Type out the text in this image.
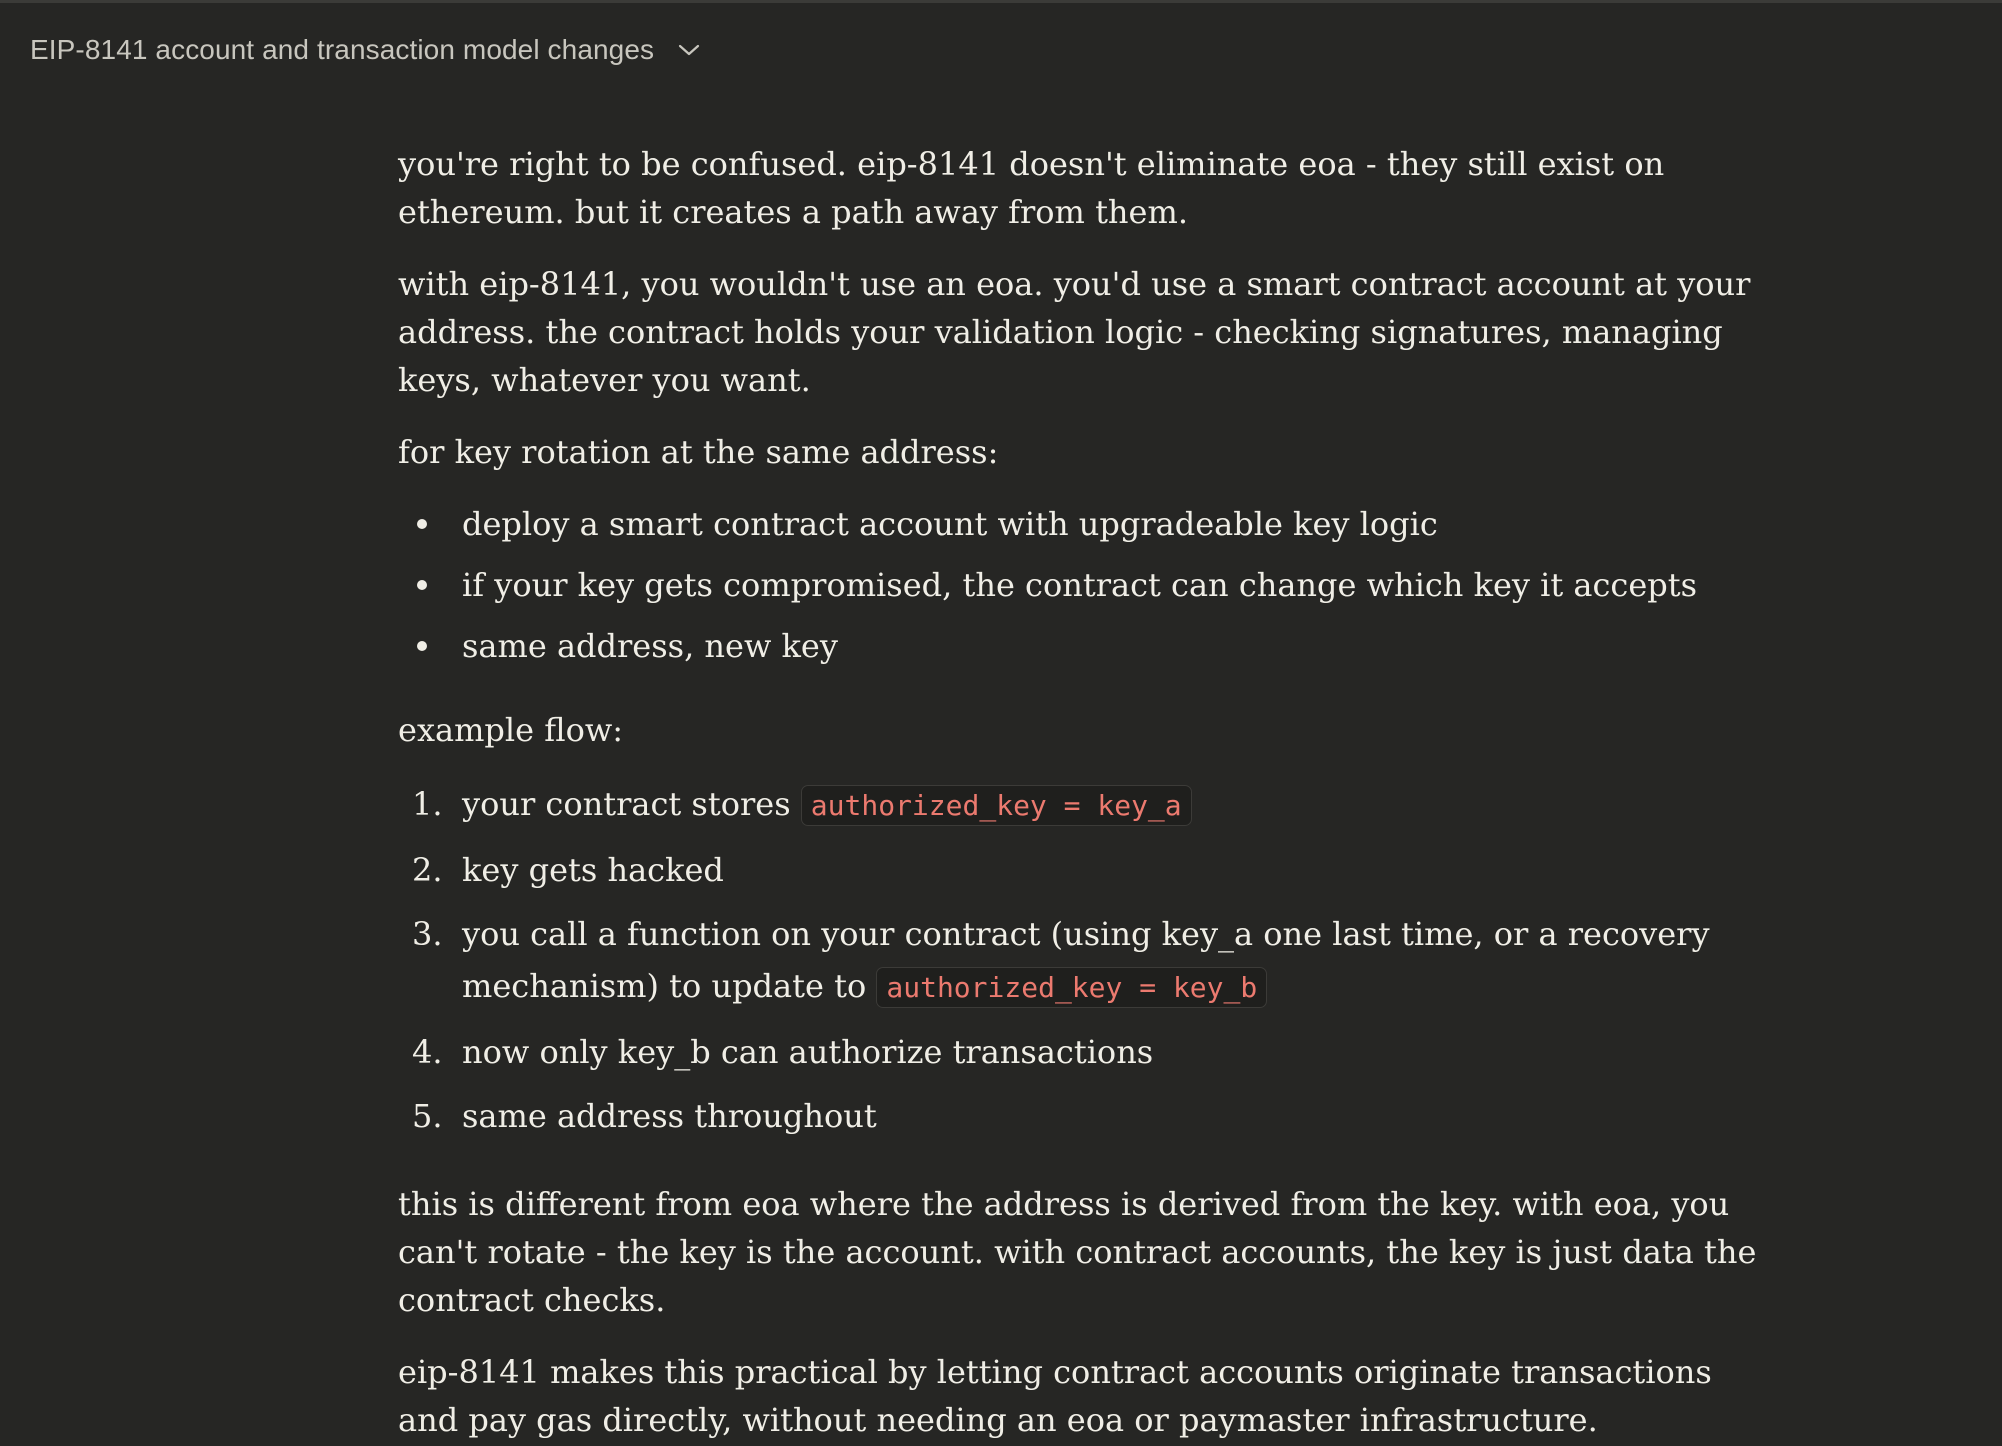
EIP-8141 account and transaction model changes

you're right to be confused. eip-8141 doesn't eliminate eoa - they still exist on ethereum. but it creates a path away from them.

with eip-8141, you wouldn't use an eoa. you'd use a smart contract account at your address. the contract holds your validation logic - checking signatures, managing keys, whatever you want.

for key rotation at the same address:

deploy a smart contract account with upgradeable key logic
if your key gets compromised, the contract can change which key it accepts
same address, new key

example flow:

1. your contract stores authorized_key = key_a
2. key gets hacked
3. you call a function on your contract (using key_a one last time, or a recovery mechanism) to update to authorized_key = key_b
4. now only key_b can authorize transactions
5. same address throughout

this is different from eoa where the address is derived from the key. with eoa, you can't rotate - the key is the account. with contract accounts, the key is just data the contract checks.

eip-8141 makes this practical by letting contract accounts originate transactions and pay gas directly, without needing an eoa or paymaster infrastructure.
